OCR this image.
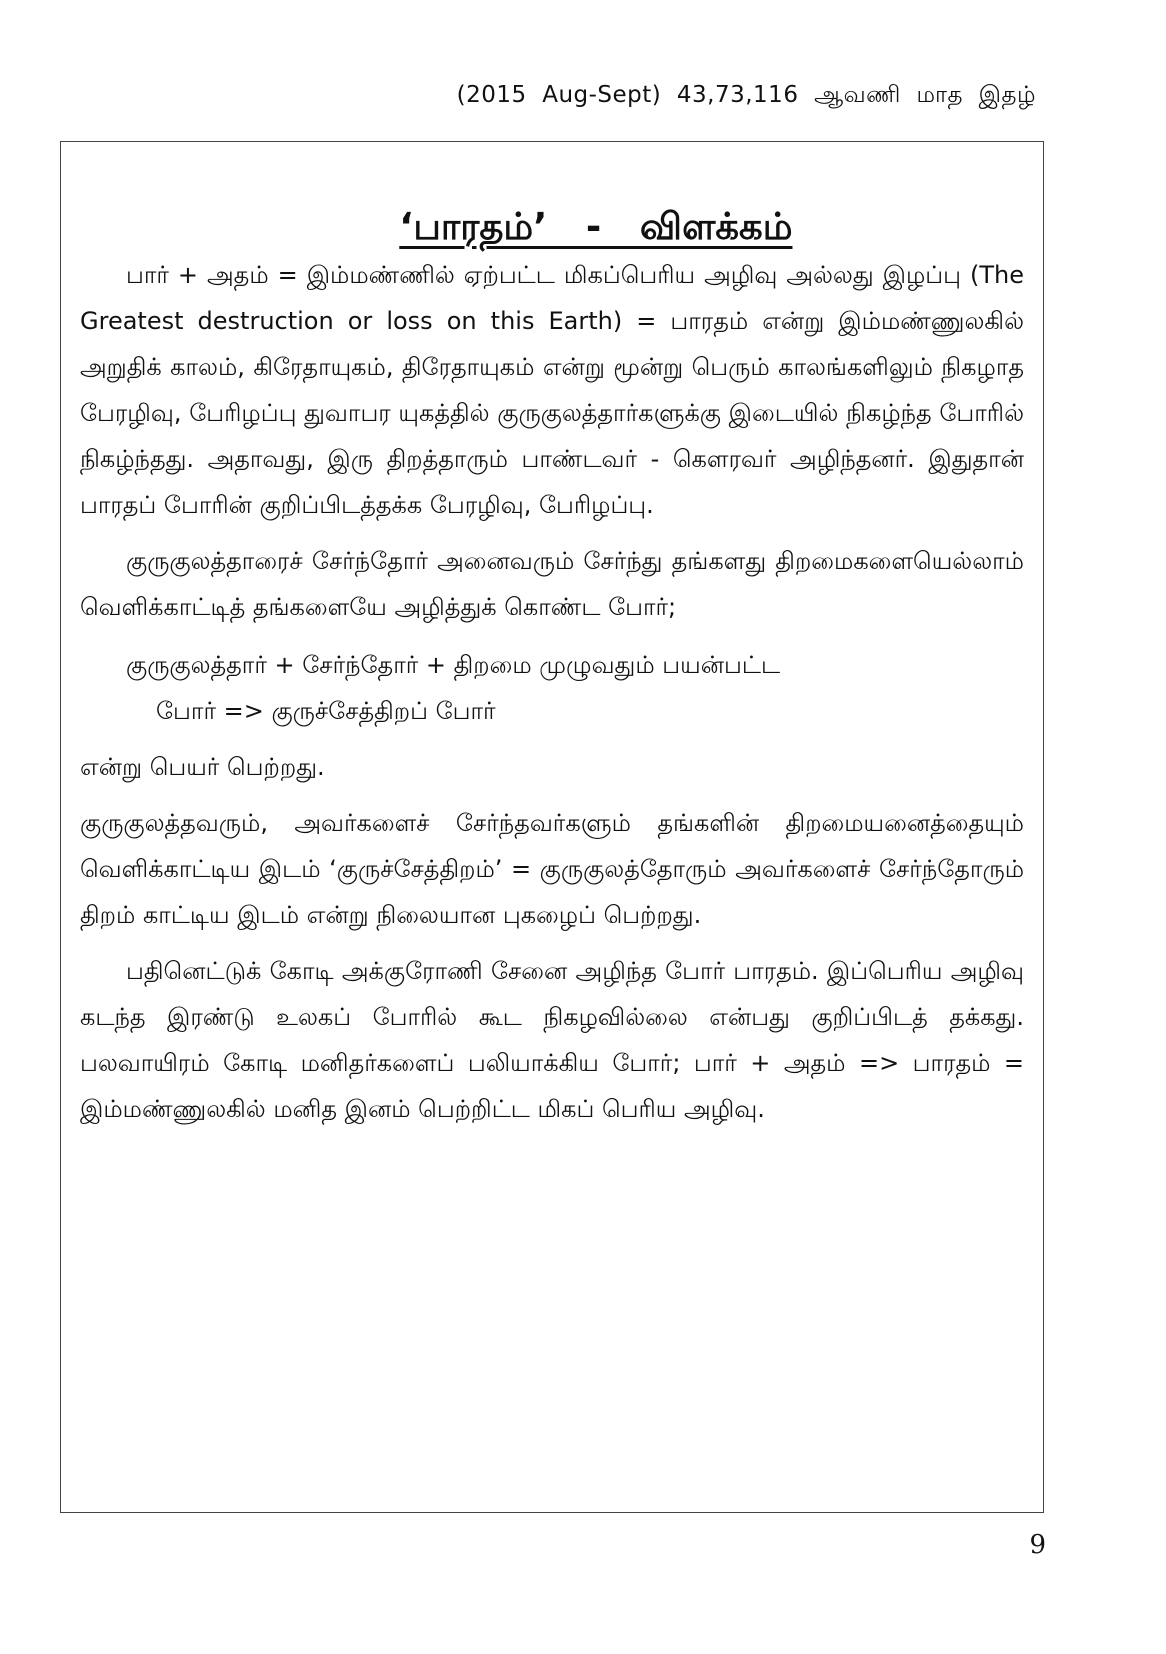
(2015  Aug-Sept)  43,73,116  ஆவணி  மாத  இதழ்

‘பாரதம்’   -   விளக்கம்

பார் + அதம் = இம்மண்ணில் ஏற்பட்ட மிகப்பெரிய அழிவு அல்லது இழப்பு (The Greatest destruction or loss on this Earth) = பாரதம் என்று இம்மண்ணுலகில் அறுதிக் காலம், கிரேதாயுகம், திரேதாயுகம் என்று மூன்று பெரும் காலங்களிலும் நிகழாத பேரழிவு, பேரிழப்பு துவாபர யுகத்தில் குருகுலத்தார்களுக்கு இடையில் நிகழ்ந்த போரில் நிகழ்ந்தது. அதாவது, இரு திறத்தாரும் பாண்டவர் - கௌரவர் அழிந்தனர். இதுதான் பாரதப் போரின் குறிப்பிடத்தக்க பேரழிவு, பேரிழப்பு.

குருகுலத்தாரைச் சேர்ந்தோர் அனைவரும் சேர்ந்து தங்களது திறமைகளையெல்லாம் வெளிக்காட்டித் தங்களையே அழித்துக் கொண்ட போர்;

குருகுலத்தார் + சேர்ந்தோர் + திறமை முழுவதும் பயன்பட்ட
போர் => குருச்சேத்திறப் போர்

என்று பெயர் பெற்றது.

குருகுலத்தவரும், அவர்களைச் சேர்ந்தவர்களும் தங்களின் திறமையனைத்தையும் வெளிக்காட்டிய இடம் ‘குருச்சேத்திறம்’ = குருகுலத்தோரும் அவர்களைச் சேர்ந்தோரும் திறம் காட்டிய இடம் என்று நிலையான புகழைப் பெற்றது.

பதினெட்டுக் கோடி அக்குரோணி சேனை அழிந்த போர் பாரதம். இப்பெரிய அழிவு கடந்த இரண்டு உலகப் போரில் கூட நிகழவில்லை என்பது குறிப்பிடத் தக்கது. பலவாயிரம் கோடி மனிதர்களைப் பலியாக்கிய போர்; பார் + அதம் => பாரதம் = இம்மண்ணுலகில் மனித இனம் பெற்றிட்ட மிகப் பெரிய அழிவு.

9
